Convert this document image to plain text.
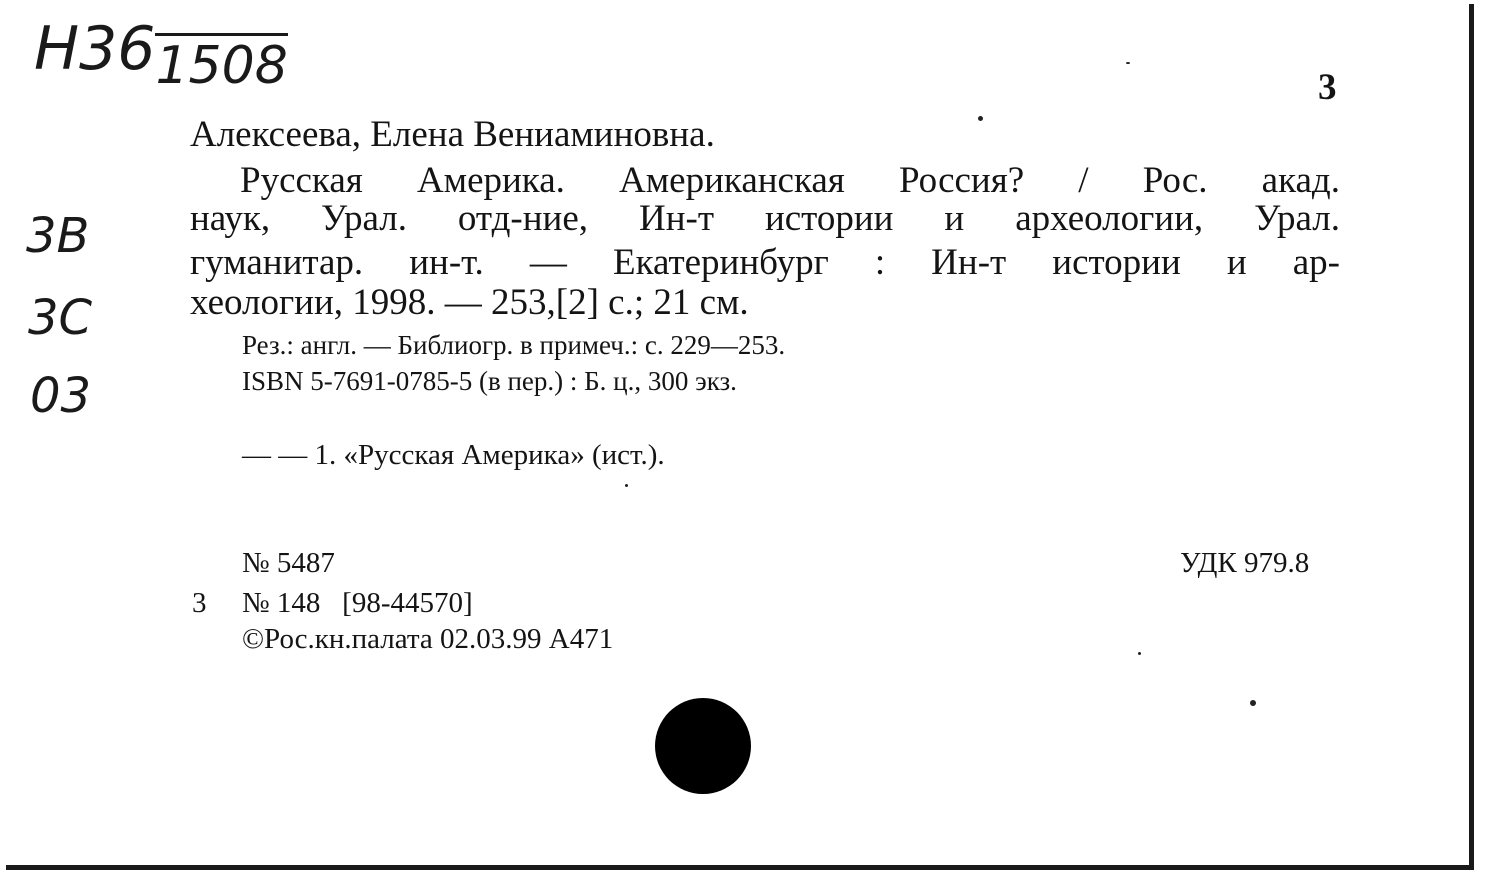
Н361508
3В
3С
03
3
Алексеева, Елена Вениаминовна.
Русская Америка. Американская Россия? / Рос. акад.
наук, Урал. отд-ние, Ин-т истории и археологии, Урал.
гуманитар. ин-т. — Екатеринбург : Ин-т истории и ар-
хеологии, 1998. — 253,[2] с.; 21 см.
Рез.: англ. — Библиогр. в примеч.: с. 229—253.
ISBN 5-7691-0785-5 (в пер.) : Б. ц., 300 экз.
— — 1. «Русская Америка» (ист.).
№ 5487	УДК 979.8
3 № 148   [98-44570]
©Рос.кн.палата 02.03.99 А471
